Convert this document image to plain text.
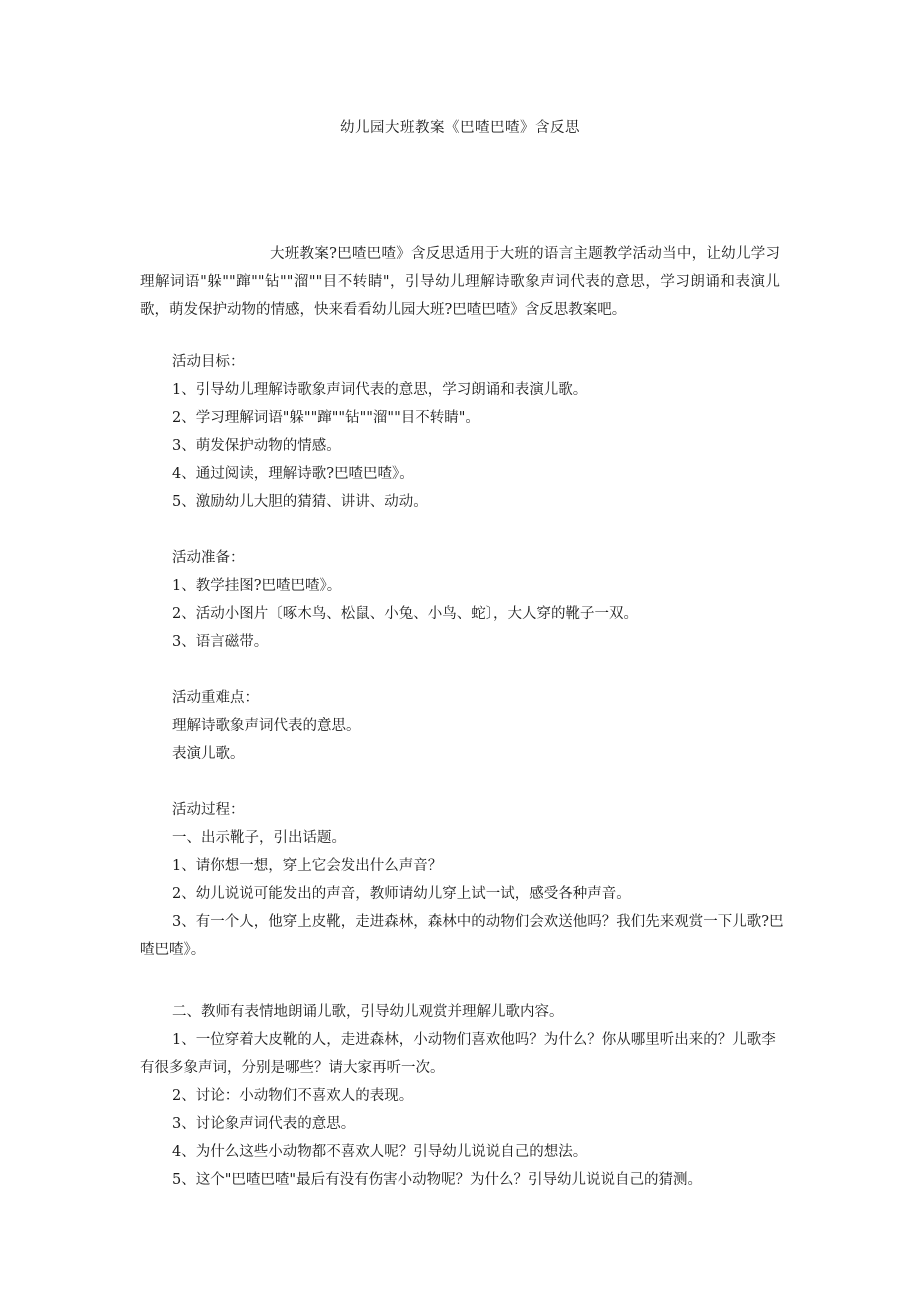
幼儿园大班教案《巴喳巴喳》含反思

大班教案?巴喳巴喳》含反思适用于大班的语言主题教学活动当中，让幼儿学习理解词语"躲""蹿""钻""溜""目不转睛"，引导幼儿理解诗歌象声词代表的意思，学习朗诵和表演儿歌，萌发保护动物的情感，快来看看幼儿园大班?巴喳巴喳》含反思教案吧。

活动目标：

1、引导幼儿理解诗歌象声词代表的意思，学习朗诵和表演儿歌。

2、学习理解词语"躲""蹿""钻""溜""目不转睛"。

3、萌发保护动物的情感。

4、通过阅读，理解诗歌?巴喳巴喳》。

5、激励幼儿大胆的猜猜、讲讲、动动。

活动准备：

1、教学挂图?巴喳巴喳》。

2、活动小图片〔啄木鸟、松鼠、小兔、小鸟、蛇〕，大人穿的靴子一双。

3、语言磁带。

活动重难点：

理解诗歌象声词代表的意思。

表演儿歌。

活动过程：

一、出示靴子，引出话题。

1、请你想一想，穿上它会发出什么声音？

2、幼儿说说可能发出的声音，教师请幼儿穿上试一试，感受各种声音。

3、有一个人，他穿上皮靴，走进森林，森林中的动物们会欢送他吗？我们先来观赏一下儿歌?巴喳巴喳》。

二、教师有表情地朗诵儿歌，引导幼儿观赏并理解儿歌内容。

1、一位穿着大皮靴的人，走进森林，小动物们喜欢他吗？为什么？你从哪里听出来的？儿歌李有很多象声词，分别是哪些？请大家再听一次。

2、讨论：小动物们不喜欢人的表现。

3、讨论象声词代表的意思。

4、为什么这些小动物都不喜欢人呢？引导幼儿说说自己的想法。

5、这个"巴喳巴喳"最后有没有伤害小动物呢？为什么？引导幼儿说说自己的猜测。
